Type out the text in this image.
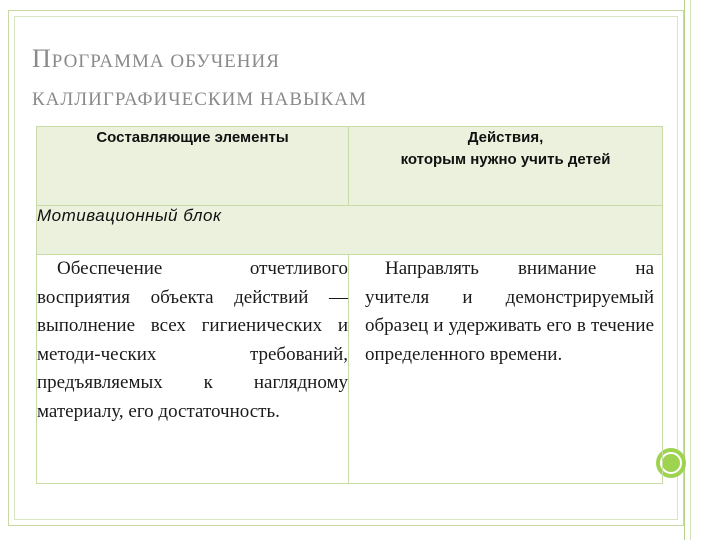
ПРОГРАММА ОБУЧЕНИЯ
КАЛЛИГРАФИЧЕСКИМ НАВЫКАМ
Составляющие элементы	Действия,
которым нужно учить детей

Мотивационный блок	
Обеспечение отчетливого восприятия объекта действий — выполнение всех гигиенических и методи-ческих требований, предъявляемых к наглядному материалу, его достаточность.	Направлять внимание на учителя и демонстрируемый образец и удерживать его в течение определенного времени.
